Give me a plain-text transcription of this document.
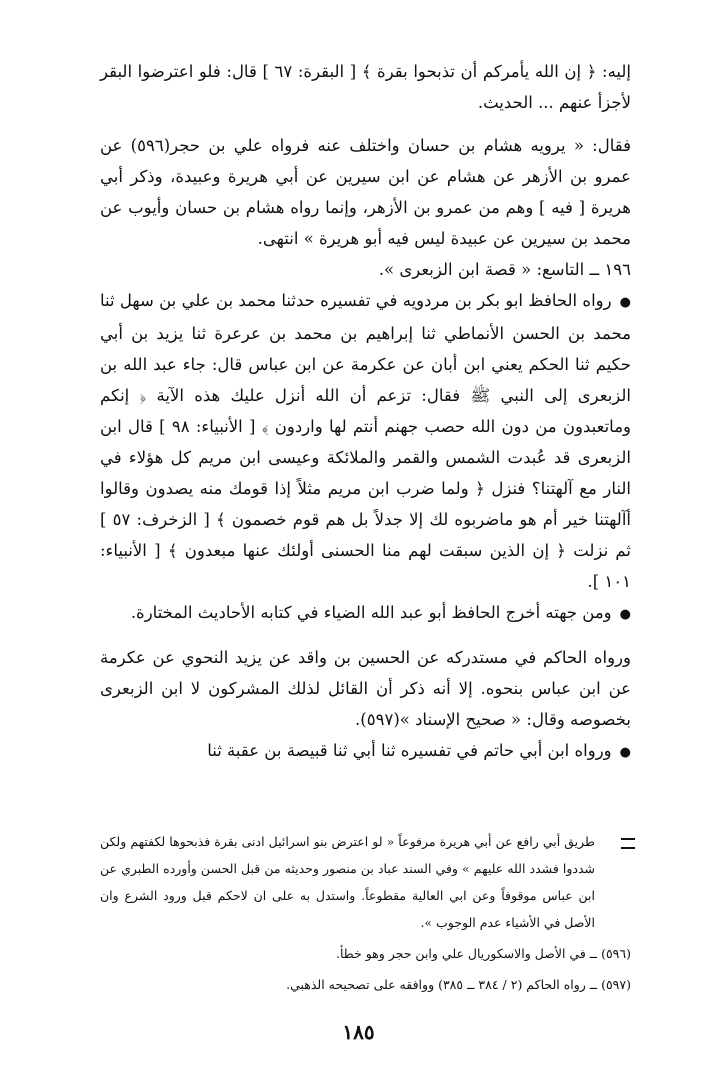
إليه: ﴿ إن الله يأمركم أن تذبحوا بقرة ﴾ [ البقرة: ٦٧ ] قال: فلو اعترضوا البقر لأجزأ عنهم ... الحديث.

فقال: « يرويه هشام بن حسان واختلف عنه فرواه علي بن حجر(٥٩٦) عن عمرو بن الأزهر عن هشام عن ابن سيرين عن أبي هريرة وعبيدة، وذكر أبي هريرة [ فيه ] وهم من عمرو بن الأزهر، وإنما رواه هشام بن حسان وأيوب عن محمد بن سيرين عن عبيدة ليس فيه أبو هريرة » انتهى.

١٩٦ ــ التاسع: « قصة ابن الزبعرى ».

● رواه الحافظ ابو بكر بن مردويه في تفسيره حدثنا محمد بن علي بن سهل ثنا محمد بن الحسن الأنماطي ثنا إبراهيم بن محمد بن عرعرة ثنا يزيد بن أبي حكيم ثنا الحكم يعني ابن أبان عن عكرمة عن ابن عباس قال: جاء عبد الله بن الزبعرى إلى النبي ﷺ فقال: تزعم أن الله أنزل عليك هذه الآية ﴿ إنكم وماتعبدون من دون الله حصب جهنم أنتم لها واردون ﴾ [ الأنبياء: ٩٨ ] قال ابن الزبعرى قد عُبدت الشمس والقمر والملائكة وعيسى ابن مريم كل هؤلاء في النار مع آلهتنا؟ فنزل ﴿ ولما ضرب ابن مريم مثلاً إذا قومك منه يصدون وقالوا أآلهتنا خير أم هو ماضربوه لك إلا جدلاً بل هم قوم خصمون ﴾ [ الزخرف: ٥٧ ] ثم نزلت ﴿ إن الذين سبقت لهم منا الحسنى أولئك عنها مبعدون ﴾ [ الأنبياء: ١٠١ ].

● ومن جهته أخرج الحافظ أبو عبد الله الضياء في كتابه الأحاديث المختارة.

ورواه الحاكم في مستدركه عن الحسين بن واقد عن يزيد النحوي عن عكرمة عن ابن عباس بنحوه. إلا أنه ذكر أن القائل لذلك المشركون لا ابن الزبعرى بخصوصه وقال: « صحيح الإسناد »(٥٩٧).

● ورواه ابن أبي حاتم في تفسيره ثنا أبي ثنا قبيصة بن عقبة ثنا

طريق أبي رافع عن أبي هريرة مرفوعاً « لو اعترض بنو اسرائيل ادنى بقرة فذبحوها لكفتهم ولكن شددوا فشدد الله عليهم » وفي السند عباد بن منصور وحديثه من قبل الحسن وأورده الطبري عن ابن عباس موقوفاً وعن ابي العالية مقطوعاً. واستدل به على ان لاحكم قبل ورود الشرع وان الأصل في الأشياء عدم الوجوب ».

(٥٩٦) ــ في الأصل والاسكوريال علي وابن حجر وهو خطأ.

(٥٩٧) ــ رواه الحاكم (٢ / ٣٨٤ ــ ٣٨٥) ووافقه على تصحيحه الذهبي.

١٨٥
